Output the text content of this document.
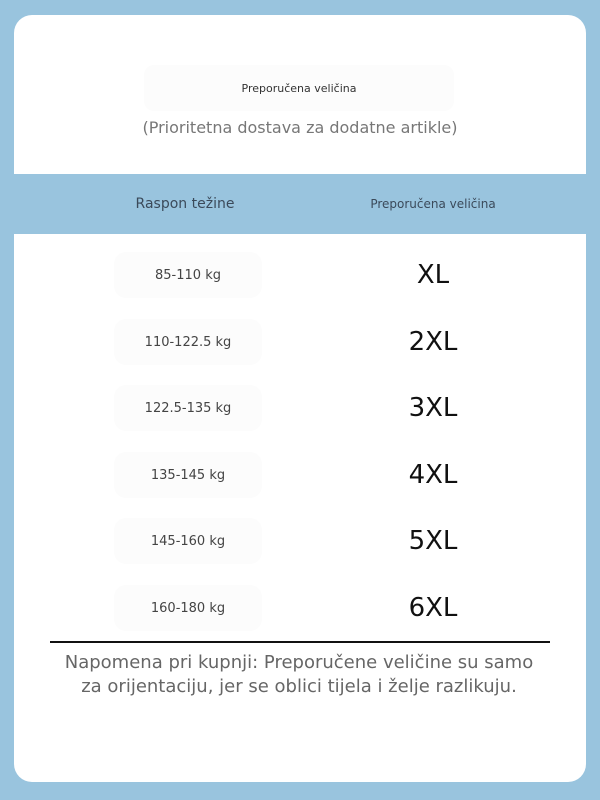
Preporučena veličina
(Prioritetna dostava za dodatne artikle)
Raspon težine	Preporučena veličina
85-110 kg	XL
110-122.5 kg	2XL
122.5-135 kg	3XL
135-145 kg	4XL
145-160 kg	5XL
160-180 kg	6XL
Napomena pri kupnji: Preporučene veličine su samo za orijentaciju, jer se oblici tijela i želje razlikuju.
